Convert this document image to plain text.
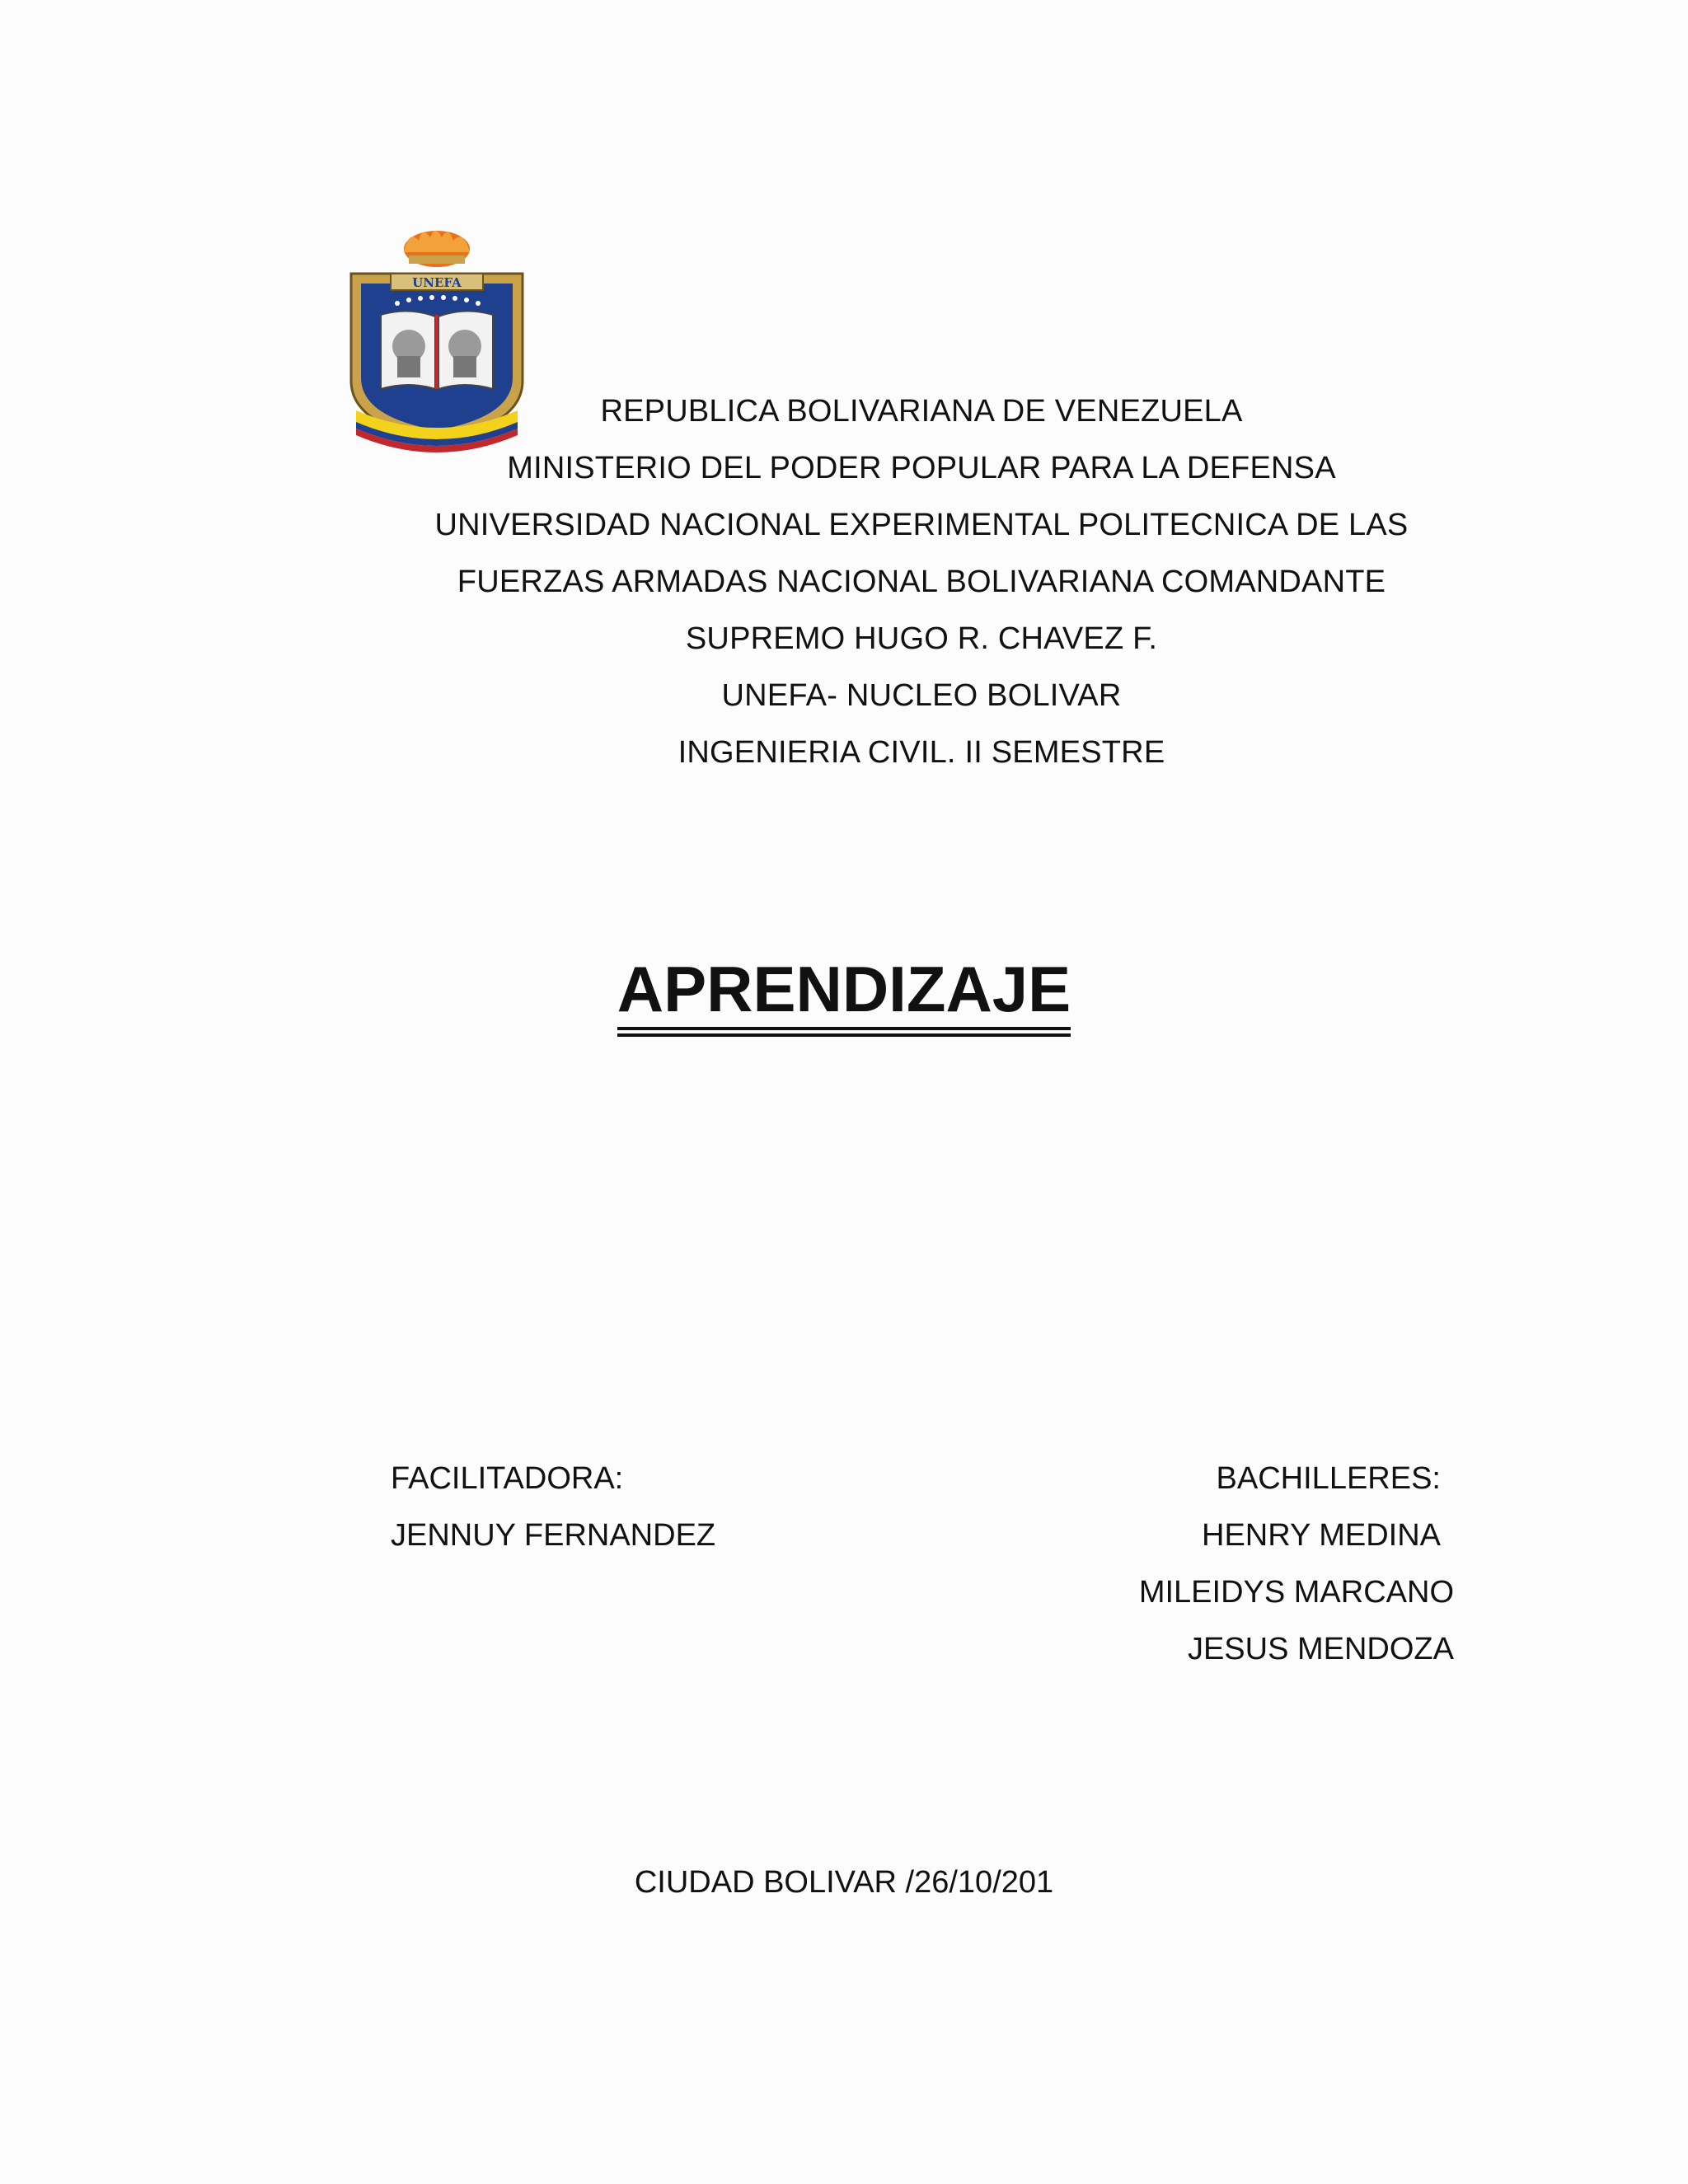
UNEFA
REPUBLICA BOLIVARIANA DE VENEZUELA
MINISTERIO DEL PODER POPULAR PARA LA DEFENSA
UNIVERSIDAD NACIONAL EXPERIMENTAL POLITECNICA DE LAS
FUERZAS ARMADAS NACIONAL BOLIVARIANA COMANDANTE
SUPREMO HUGO R. CHAVEZ F.
UNEFA- NUCLEO BOLIVAR
INGENIERIA CIVIL. II SEMESTRE
APRENDIZAJE
FACILITADORA:
JENNUY FERNANDEZ
BACHILLERES:
HENRY MEDINA
MILEIDYS MARCANO
JESUS MENDOZA
CIUDAD BOLIVAR /26/10/201
